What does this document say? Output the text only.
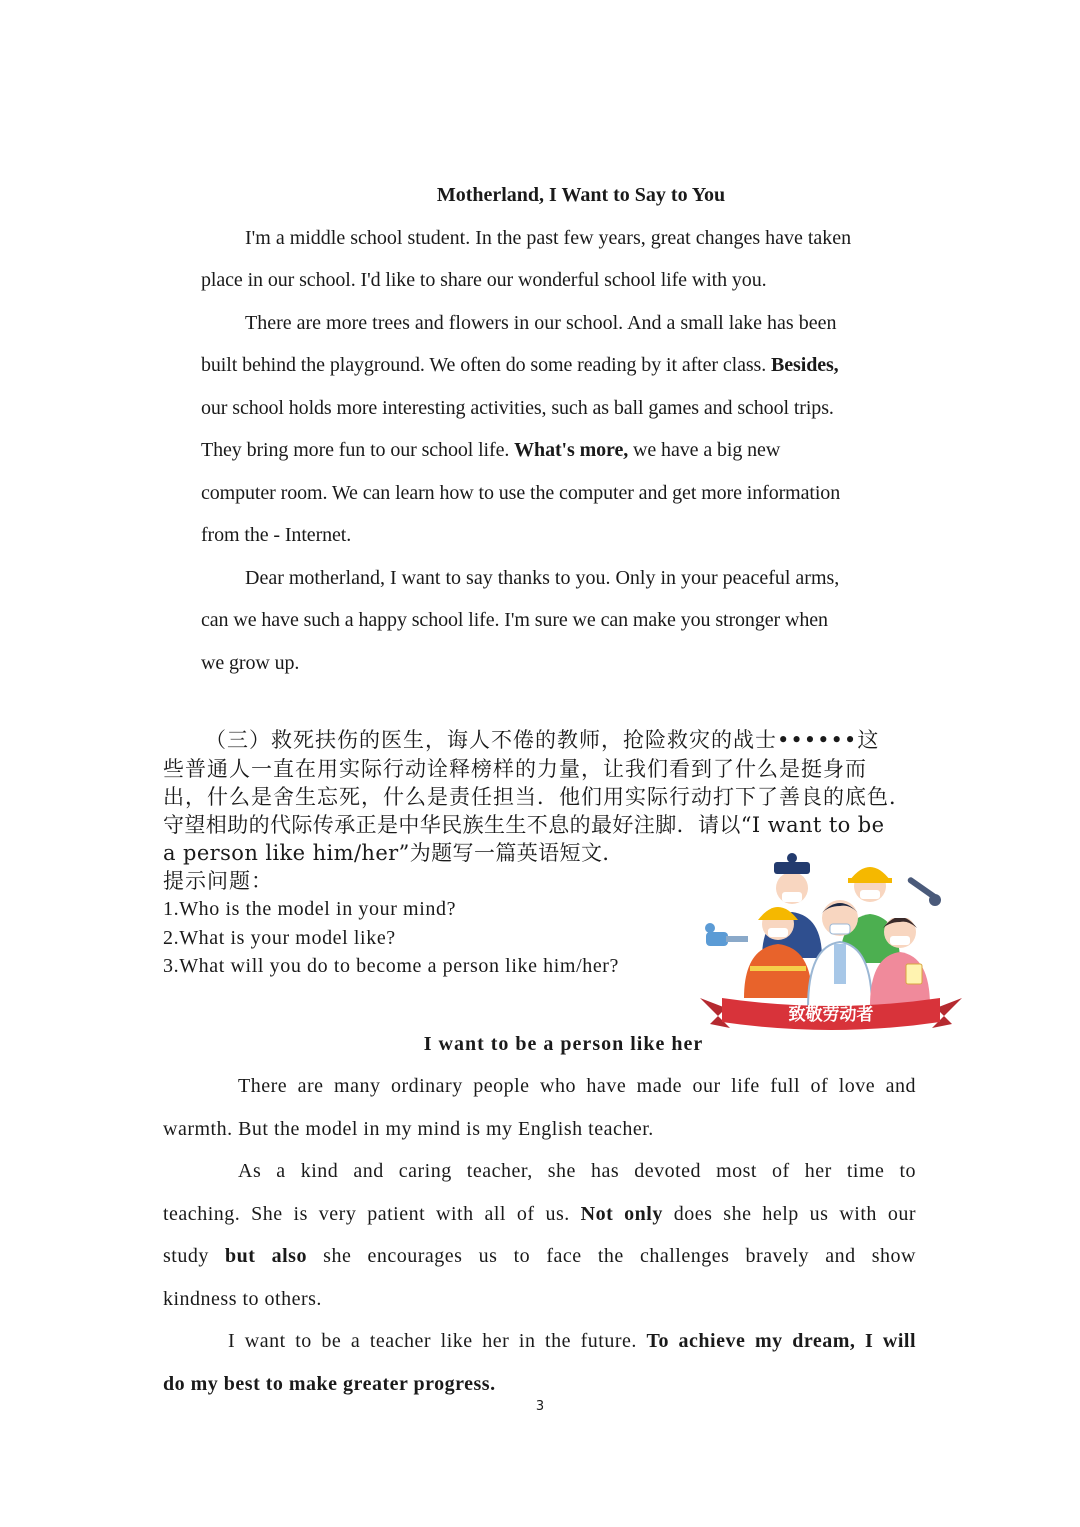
Motherland, I Want to Say to You
I'm a middle school student. In the past few years, great changes have taken
place in our school. I'd like to share our wonderful school life with you.
There are more trees and flowers in our school. And a small lake has been
built behind the playground. We often do some reading by it after class. Besides,
our school holds more interesting activities, such as ball games and school trips.
They bring more fun to our school life. What's more, we have a big new
computer room. We can learn how to use the computer and get more information
from the - Internet.
Dear motherland, I want to say thanks to you. Only in your peaceful arms,
can we have such a happy school life. I'm sure we can make you stronger when
we grow up.
（三）救死扶伤的医生，诲人不倦的教师，抢险救灾的战士••••••这
些普通人一直在用实际行动诠释榜样的力量，让我们看到了什么是挺身而
出，什么是舍生忘死，什么是责任担当．他们用实际行动打下了善良的底色．
守望相助的代际传承正是中华民族生生不息的最好注脚．请以“I want to be
a person like him/her”为题写一篇英语短文．
提示问题：
1.Who is the model in your mind?
2.What is your model like?
3.What will you do to become a person like him/her?
致敬劳动者
I want to be a person like her
There are many ordinary people who have made our life full of love and
warmth. But the model in my mind is my English teacher.
As a kind and caring teacher, she has devoted most of her time to
teaching. She is very patient with all of us. Not only does she help us with our
study but also she encourages us to face the challenges bravely and show
kindness to others.
I want to be a teacher like her in the future. To achieve my dream, I will
do my best to make greater progress.
3
